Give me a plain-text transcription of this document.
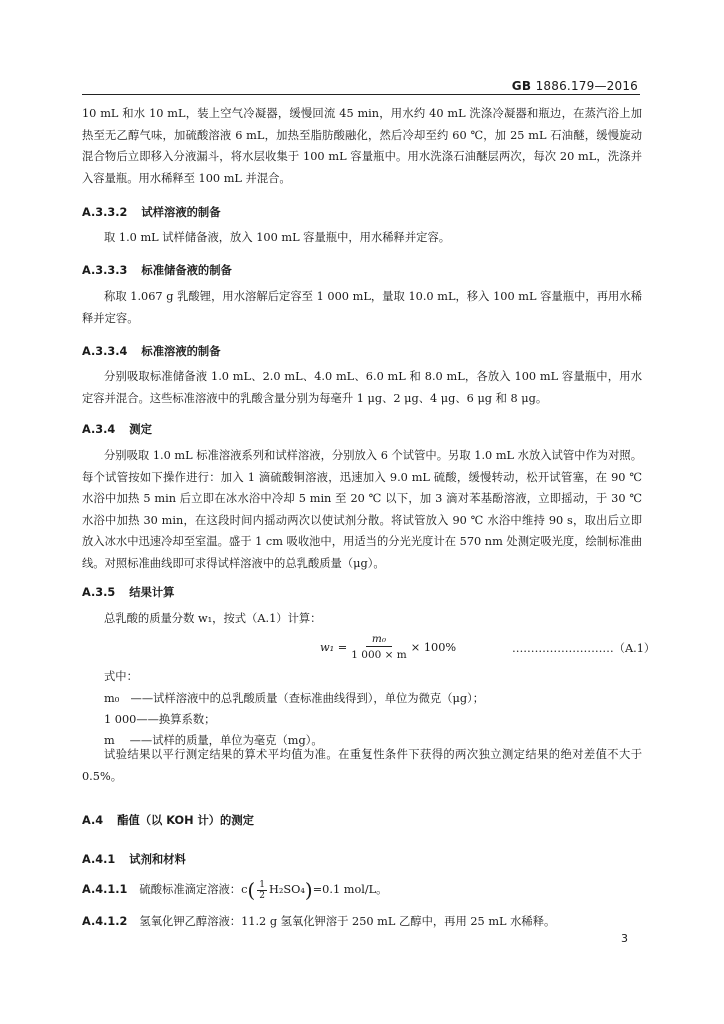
GB 1886.179—2016
10 mL 和水 10 mL，装上空气冷凝器，缓慢回流 45 min，用水约 40 mL 洗涤冷凝器和瓶边，在蒸汽浴上加热至无乙醇气味，加硫酸溶液 6 mL，加热至脂肪酸融化，然后冷却至约 60 ℃，加 25 mL 石油醚，缓慢旋动混合物后立即移入分液漏斗，将水层收集于 100 mL 容量瓶中。用水洗涤石油醚层两次，每次 20 mL，洗涤并入容量瓶。用水稀释至 100 mL 并混合。
A.3.3.2 试样溶液的制备
取 1.0 mL 试样储备液，放入 100 mL 容量瓶中，用水稀释并定容。
A.3.3.3 标准储备液的制备
称取 1.067 g 乳酸锂，用水溶解后定容至 1 000 mL，量取 10.0 mL，移入 100 mL 容量瓶中，再用水稀释并定容。
A.3.3.4 标准溶液的制备
分别吸取标准储备液 1.0 mL、2.0 mL、4.0 mL、6.0 mL 和 8.0 mL，各放入 100 mL 容量瓶中，用水定容并混合。这些标准溶液中的乳酸含量分别为每毫升 1 μg、2 μg、4 μg、6 μg 和 8 μg。
A.3.4 测定
分别吸取 1.0 mL 标准溶液系列和试样溶液，分别放入 6 个试管中。另取 1.0 mL 水放入试管中作为对照。每个试管按如下操作进行：加入 1 滴硫酸铜溶液，迅速加入 9.0 mL 硫酸，缓慢转动，松开试管塞，在 90 ℃ 水浴中加热 5 min 后立即在冰水浴中冷却 5 min 至 20 ℃ 以下，加 3 滴对苯基酚溶液，立即摇动，于 30 ℃ 水浴中加热 30 min，在这段时间内摇动两次以使试剂分散。将试管放入 90 ℃ 水浴中维持 90 s，取出后立即放入冰水中迅速冷却至室温。盛于 1 cm 吸收池中，用适当的分光光度计在 570 nm 处测定吸光度，绘制标准曲线。对照标准曲线即可求得试样溶液中的总乳酸质量（μg）。
A.3.5 结果计算
总乳酸的质量分数 w₁，按式（A.1）计算：
$w_1 = \frac{\text{m₀}}{1 000 \times m} \times 100\%$	………………………（A.1）
式中：
m₀　——试样溶液中的总乳酸质量（查标准曲线得到），单位为微克（μg）；
1 000——换算系数；
m　 ——试样的质量，单位为毫克（mg）。
试验结果以平行测定结果的算术平均值为准。在重复性条件下获得的两次独立测定结果的绝对差值不大于 0.5%。
A.4 酯值（以 KOH 计）的测定
A.4.1 试剂和材料
A.4.1.1 硫酸标准滴定溶液：$c( \frac{1}{2} H_2SO_4)=0.1$ mol/L。
A.4.1.2 氢氧化钾乙醇溶液：11.2 g 氢氧化钾溶于 250 mL 乙醇中，再用 25 mL 水稀释。
3
